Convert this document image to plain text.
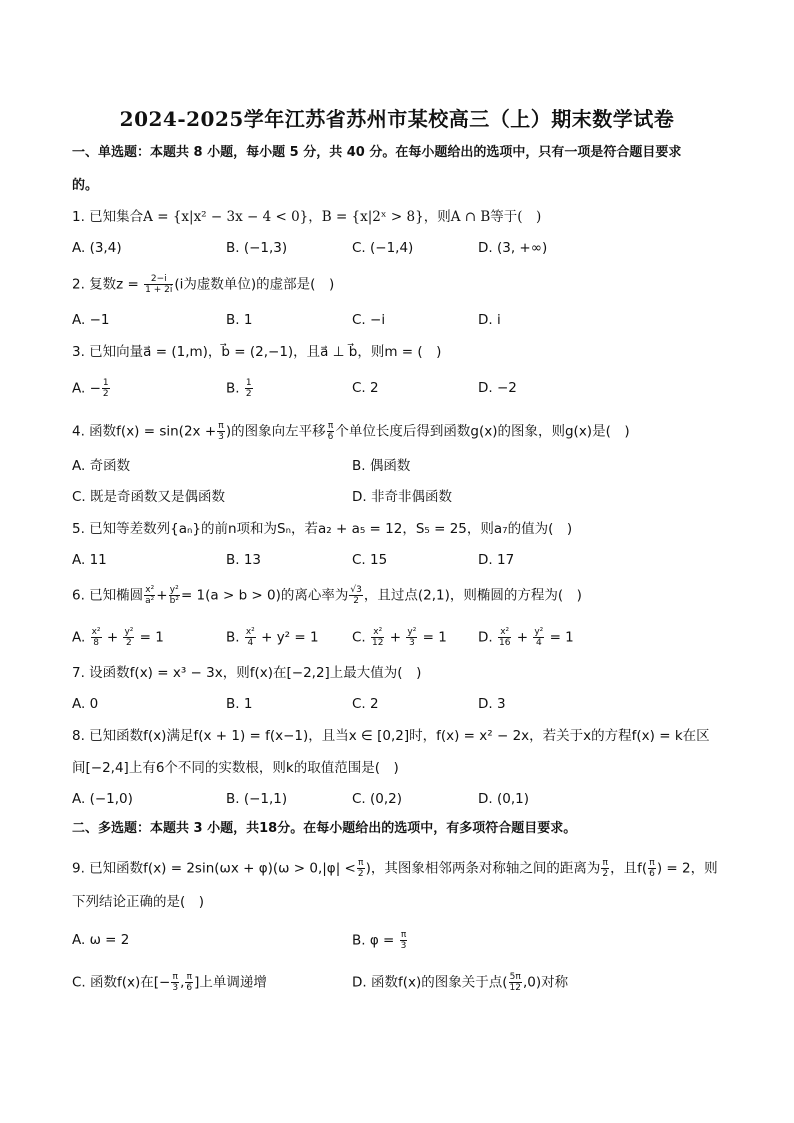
2024-2025学年江苏省苏州市某校高三（上）期末数学试卷
一、单选题：本题共 8 小题，每小题 5 分，共 40 分。在每小题给出的选项中，只有一项是符合题目要求
的。
1. 已知集合A = {x|x² − 3x − 4 < 0}，B = {x|2ˣ > 8}，则A ∩ B等于(　)
A. (3,4)	B. (−1,3)	C. (−1,4)	D. (3, +∞)
2. 复数$z = \frac{2-i}{1 + 2i} (i$为虚数单位)的虚部是(　)
A. −1	B. 1	C. −i	D. i
3. 已知向量a⃗ = (1,m)，b⃗ = (2,−1)，且a⃗ ⊥ b⃗，则m = (　)
A. − $\frac{1}{2}$	B. $\frac{1}{2}$	C. 2	D. −2
4. 函数$f(x) = \sin(2x + \frac{\pi}{3}$ )的图象向左平移 $\frac{\pi}{6}$ 个单位长度后得到函数g(x)的图象，则g(x)是(　)
A. 奇函数	B. 偶函数
C. 既是奇函数又是偶函数	D. 非奇非偶函数
5. 已知等差数列{aₙ}的前n项和为Sₙ，若a₂ + a₅ = 12，S₅ = 25，则a₇的值为(　)
A. 11	B. 13	C. 15	D. 17
6. 已知椭圆 $\frac{\text{x²}}{\text{a²}} + \frac{\text{y²}}{\text{b²}} = 1(a > b > 0)$的离心率为 $\frac{√3}{2}$ ，且过点(2,1)，则椭圆的方程为(　)
A. $\frac{\text{x²}}{8} + \frac{\text{y²}}{2} = 1$	B. $\frac{\text{x²}}{4} + y^2 = 1$ C. $\frac{\text{x²}}{12} + \frac{\text{y²}}{3} = 1$ D. $\frac{\text{x²}}{16} + \frac{\text{y²}}{4} = 1$
7. 设函数f(x) = x³ − 3x，则f(x)在[−2,2]上最大值为(　)
A. 0	B. 1	C. 2	D. 3
8. 已知函数f(x)满足f(x + 1) = f(x−1)，且当x ∈ [0,2]时，f(x) = x² − 2x，若关于x的方程f(x) = k在区
间[−2,4]上有6个不同的实数根，则k的取值范围是(　)
A. (−1,0)	B. (−1,1)	C. (0,2)	D. (0,1)
二、多选题：本题共 3 小题，共18分。在每小题给出的选项中，有多项符合题目要求。
9. 已知函数$f(x) = 2\sin(\omega x + \varphi)(\omega > 0,|\varphi| < \frac{\pi}{2}$ )，其图象相邻两条对称轴之间的距离为 $\frac{\pi}{2}$ ，且$f( \frac{\pi}{6}$ ) = 2，则
下列结论正确的是(　)
A. ω = 2	B. $\varphi = \frac{\pi}{3}$
C. 函数f(x)在[− $\frac{\pi}{3}$ , $\frac{\pi}{6}$ ]上单调递增	D. 函数f(x)的图象关于点( $\frac{5\pi}{12} ,0$)对称
